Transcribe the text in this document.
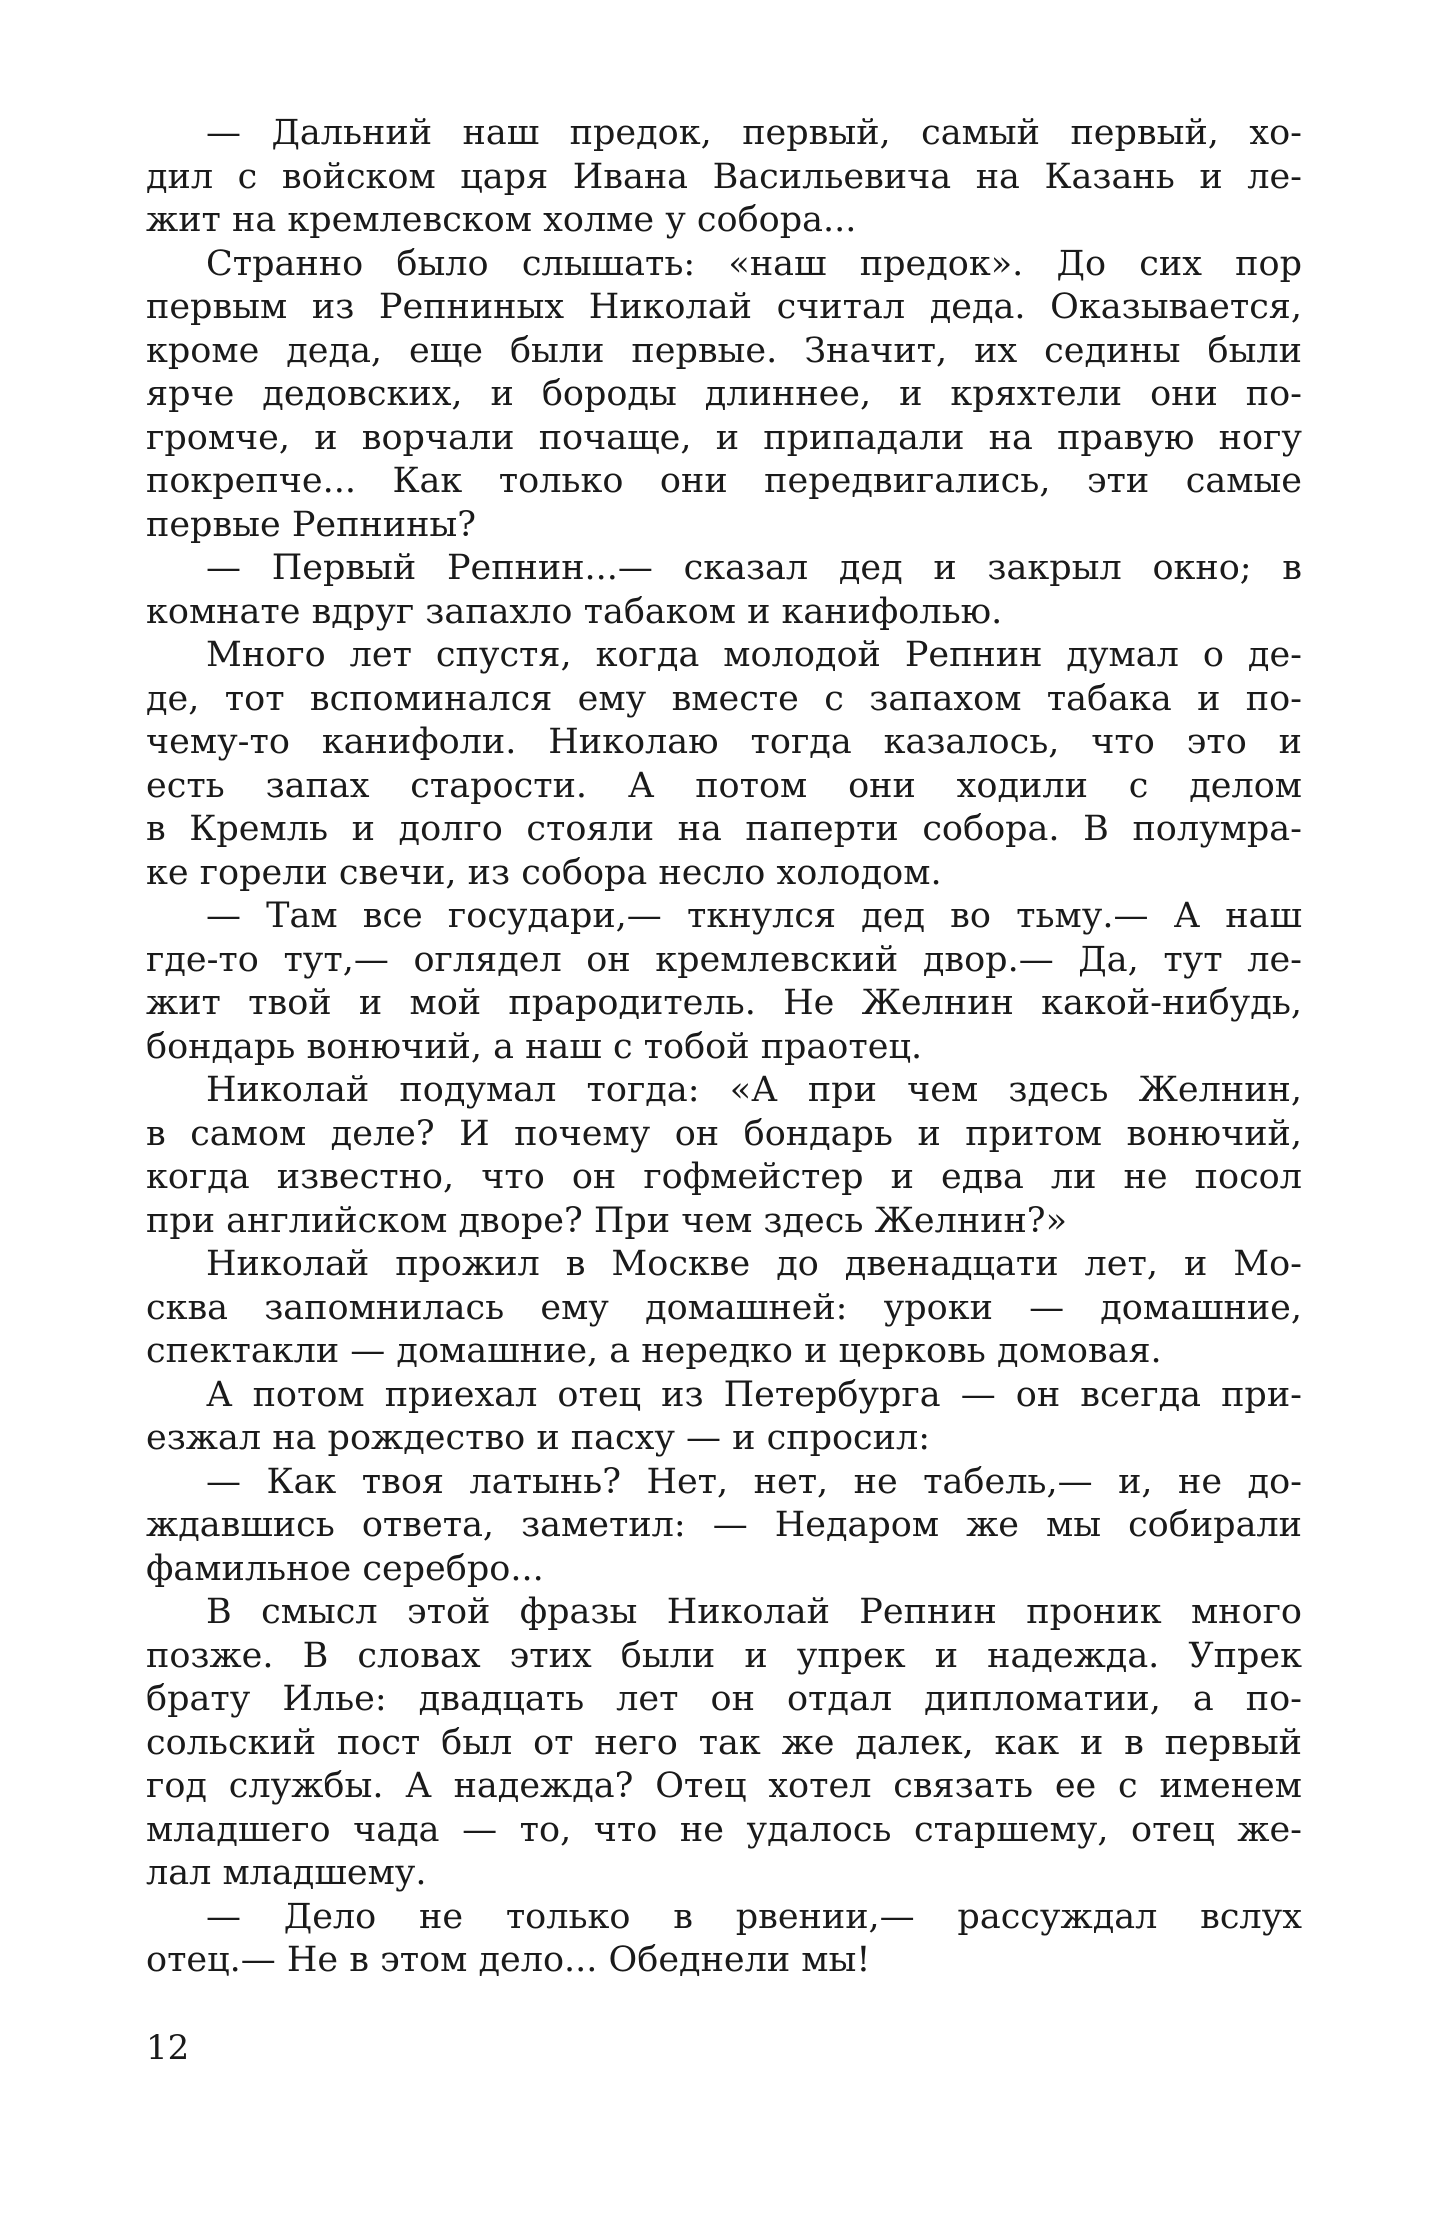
— Дальний наш предок, первый, самый первый, хо-
дил с войском царя Ивана Васильевича на Казань и ле-
жит на кремлевском холме у собора...
Странно было слышать: «наш предок». До сих пор
первым из Репниных Николай считал деда. Оказывается,
кроме деда, еще были первые. Значит, их седины были
ярче дедовских, и бороды длиннее, и кряхтели они по-
громче, и ворчали почаще, и припадали на правую ногу
покрепче... Как только они передвигались, эти самые
первые Репнины?
— Первый Репнин...— сказал дед и закрыл окно; в
комнате вдруг запахло табаком и канифолью.
Много лет спустя, когда молодой Репнин думал о де-
де, тот вспоминался ему вместе с запахом табака и по-
чему-то канифоли. Николаю тогда казалось, что это и
есть запах старости. А потом они ходили с делом
в Кремль и долго стояли на паперти собора. В полумра-
ке горели свечи, из собора несло холодом.
— Там все государи,— ткнулся дед во тьму.— А наш
где-то тут,— оглядел он кремлевский двор.— Да, тут ле-
жит твой и мой прародитель. Не Желнин какой-нибудь,
бондарь вонючий, а наш с тобой праотец.
Николай подумал тогда: «А при чем здесь Желнин,
в самом деле? И почему он бондарь и притом вонючий,
когда известно, что он гофмейстер и едва ли не посол
при английском дворе? При чем здесь Желнин?»
Николай прожил в Москве до двенадцати лет, и Мо-
сква запомнилась ему домашней: уроки — домашние,
спектакли — домашние, а нередко и церковь домовая.
А потом приехал отец из Петербурга — он всегда при-
езжал на рождество и пасху — и спросил:
— Как твоя латынь? Нет, нет, не табель,— и, не до-
ждавшись ответа, заметил: — Недаром же мы собирали
фамильное серебро...
В смысл этой фразы Николай Репнин проник много
позже. В словах этих были и упрек и надежда. Упрек
брату Илье: двадцать лет он отдал дипломатии, а по-
сольский пост был от него так же далек, как и в первый
год службы. А надежда? Отец хотел связать ее с именем
младшего чада — то, что не удалось старшему, отец же-
лал младшему.
— Дело не только в рвении,— рассуждал вслух
отец.— Не в этом дело... Обеднели мы!
12
